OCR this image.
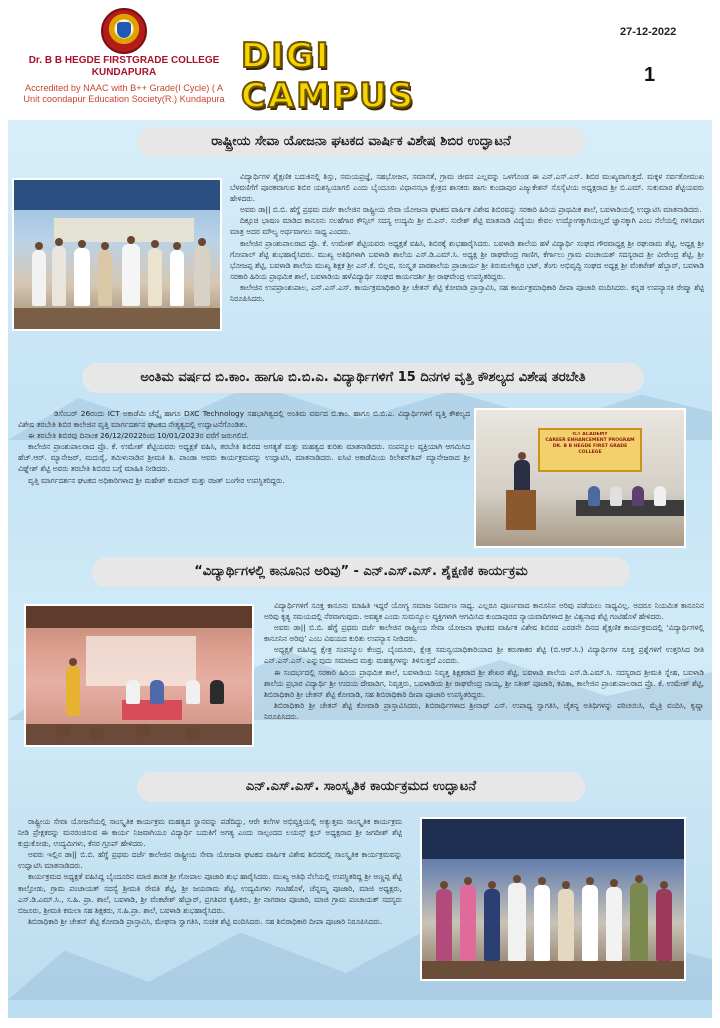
Dr. B B HEGDE FIRSTGRADE COLLEGE KUNDAPURA
Accredited by NAAC with B++ Grade(I Cycle) ( A Unit coondapur Education Society(R.) Kundapura
DIGI CAMPUS
27-12-2022
1
ರಾಷ್ಟ್ರೀಯ ಸೇವಾ ಯೋಜನಾ ಘಟಕದ ವಾರ್ಷಿಕ ವಿಶೇಷ ಶಿಬಿರ ಉದ್ಘಾಟನೆ

ವಿದ್ಯಾರ್ಥಿಗಳ ಶೈಕ್ಷಣಿಕ ಬದುಕಿನಲ್ಲಿ ಶಿಸ್ತು, ಸಮಯಪ್ರಜ್ಞೆ, ಸಹಭೋಜನ, ಸಮಾನತೆ, ಗ್ರಾಮ ಜೀವನ ಎಲ್ಲವನ್ನು ಒಳಗೊಂಡ ಈ ಎನ್.ಎಸ್.ಎಸ್. ಶಿಬಿರ ಮುಖ್ಯವಾಗುತ್ತದೆ. ಮಕ್ಕಳ ಸರ್ವತೋಮುಖ ಬೆಳವಣಿಗೆಗೆ ಪೂರಕವಾಗುವ ಶಿಬಿರ ಯಶಸ್ವಿಯಾಗಲಿ ಎಂದು ಬೈಂದೂರು ವಿಧಾನಸಭಾ ಕ್ಷೇತ್ರದ ಶಾಸಕರು ಹಾಗು ಕುಂದಾಪುರ ಎಜ್ಯುಕೇಶನ್ ಸೊಸೈಟಿಯ ಅಧ್ಯಕ್ಷರಾದ ಶ್ರೀ ಬಿ.ಎಮ್. ಸುಕುಮಾರ ಶೆಟ್ಟಿಯವರು ಹೇಳಿದರು.

ಅವರು ಡಾ|| ಬಿ.ಬಿ. ಹೆಗ್ಡೆ ಪ್ರಥಮ ದರ್ಜೆ ಕಾಲೇಜಿನ ರಾಷ್ಟ್ರೀಯ ಸೇವಾ ಯೋಜನಾ ಘಟಕದ ವಾರ್ಷಿಕ ವಿಶೇಷ ಶಿಬಿರವನ್ನು ಸರಕಾರಿ ಹಿರಿಯ ಪ್ರಾಥಮಿಕ ಶಾಲೆ, ಬವಳಾಡಿಯಲ್ಲಿ ಉದ್ಘಾಟಿಸಿ ಮಾತನಾಡಿದರು.

ದಿಕ್ಸೂಚಿ ಭಾಷಣ ಮಾಡಿದ ಕಾನೂನು ಸಲಹೆಗಾರ ಕೌನ್ಸಿಲ್ ಸದಸ್ಯ ಉದ್ಯಮಿ ಶ್ರೀ ಬಿ.ಎನ್. ಸುರೇಶ್ ಶೆಟ್ಟಿ ಮಾತನಾಡಿ ವಿದ್ಯೆಯು ಕೇವಲ ಉದ್ಯೋಗಕ್ಕಾಗಿಯಲ್ಲದೆ ಜ್ಞಾನಕ್ಕಾಗಿ ಎಂಬ ನೆಲೆಯಲ್ಲಿ ಗಳಿಸಿದಾಗ ಮಾತ್ರ ಅದರ ಮೌಲ್ಯ ಅರ್ಥವಾಗಲು ಸಾಧ್ಯ ಎಂದರು.

ಕಾಲೇಜಿನ ಪ್ರಾಂಶುಪಾಲರಾದ ಪ್ರೊ. ಕೆ. ಉಮೇಶ್ ಶೆಟ್ಟಿಯವರು ಅಧ್ಯಕ್ಷತೆ ವಹಿಸಿ, ಶಿಬಿರಕ್ಕೆ ಶುಭಹಾರೈಸಿದರು. ಬವಳಾಡಿ ಶಾಲೆಯ ಹಳೆ ವಿದ್ಯಾರ್ಥಿ ಸಂಘದ ಗೌರವಾಧ್ಯಕ್ಷ ಶ್ರೀ ರಘುರಾಮ ಶೆಟ್ಟಿ, ಅಧ್ಯಕ್ಷ ಶ್ರೀ ಗೋಪಾಲ್ ಶೆಟ್ಟಿ ಶುಭಹಾರೈಸಿದರು. ಮುಖ್ಯ ಅತಿಥಿಗಳಾಗಿ ಬವಳಾಡಿ ಶಾಲೆಯ ಎಸ್.ಡಿ.ಎಮ್.ಸಿ. ಅಧ್ಯಕ್ಷ ಶ್ರೀ ರಾಘವೇಂದ್ರ ಗಾಣಿಗ, ಕೆರ್ಗಾಲು ಗ್ರಾಮ ಪಂಚಾಯತ್ ಸದಸ್ಯರಾದ ಶ್ರೀ ವೀರೇಂದ್ರ ಶೆಟ್ಟಿ, ಶ್ರೀ ಭೋಜಪ್ಪ ಶೆಟ್ಟಿ, ಬವಳಾಡಿ ಶಾಲೆಯ ಮುಖ್ಯ ಶಿಕ್ಷಕ ಶ್ರೀ ಎನ್.ಕೆ. ಬಿಲ್ಲವ, ಸಂಸ್ಕೃತ ಪಾಠಶಾಲೆಯ ಪ್ರಾಚಾರ್ಯ ಶ್ರೀ ತಿರುಮಲೇಶ್ವರ ಭಟ್, ತೆಂಗು ಅಭಿವೃದ್ಧಿ ಸಂಘದ ಅಧ್ಯಕ್ಷ ಶ್ರೀ ವೆಂಕಟೇಶ್ ಹೆಬ್ಬಾರ್, ಬವಳಾಡಿ ಸರಕಾರಿ ಹಿರಿಯ ಪ್ರಾಥಮಿಕ ಶಾಲೆ, ಬವಳಾಡಿಯ ಹಳೆವಿದ್ಯಾರ್ಥಿ ಸಂಘದ ಕಾರ್ಯದರ್ಶಿ ಶ್ರೀ ರಾಘವೇಂದ್ರ ಉಪಸ್ಥಿತರಿದ್ದರು.

ಕಾಲೇಜಿನ ಉಪಪ್ರಾಂಶುಪಾಲ, ಎನ್.ಎಸ್.ಎಸ್. ಕಾರ್ಯಕ್ರಮಾಧಿಕಾರಿ ಶ್ರೀ ಚೇತನ್ ಶೆಟ್ಟಿ ಕೋವಾಡಿ ಪ್ರಾಸ್ತಾವಿಸಿ, ಸಹ ಕಾರ್ಯಕ್ರಮಾಧಿಕಾರಿ ದೀಪಾ ಪೂಜಾರಿ ವಂದಿಸಿದರು. ಕನ್ನಡ ಉಪನ್ಯಾಸಕಿ ರೇಷ್ಮಾ ಶೆಟ್ಟಿ ನಿರೂಪಿಸಿದರು.

ಅಂತಿಮ ವರ್ಷದ ಬಿ.ಕಾಂ. ಹಾಗೂ ಬಿ.ಬಿ.ಎ. ವಿದ್ಯಾರ್ಥಿಗಳಿಗೆ 15 ದಿನಗಳ ವೃತ್ತಿ ಕೌಶಲ್ಯದ ವಿಶೇಷ ತರಬೇತಿ

ಡಿಸೆಂಬರ್ 26ರಂದು ICT ಅಕಾಡೆಮಿ ಚೆನ್ನೈ ಹಾಗೂ DXC Technology ಸಹಭಾಗಿತ್ವದಲ್ಲಿ ಅಂತಿಮ ವರ್ಷದ ಬಿ.ಕಾಂ. ಹಾಗೂ ಬಿ.ಬಿ.ಎ. ವಿದ್ಯಾರ್ಥಿಗಳಿಗೆ ವೃತ್ತಿ ಕೌಶಲ್ಯದ ವಿಶೇಷ ತರಬೇತಿ ಶಿಬಿರ ಕಾಲೇಜಿನ ವೃತ್ತಿ ಮಾರ್ಗದರ್ಶನ ಘಟಕದ ನೇತೃತ್ವದಲ್ಲಿ ಉದ್ಘಾಟನೆಗೊಂಡಿತು.

ಈ ತರಬೇತಿ ಶಿಬಿರವು ದಿನಾಂಕ 26/12/2022ರಿಂದ 10/01/2023ರ ವರೆಗೆ ಜರುಗಲಿದೆ.

ಕಾಲೇಜಿನ ಪ್ರಾಂಶುಪಾಲರಾದ ಪ್ರೊ. ಕೆ. ಉಮೇಶ್ ಶೆಟ್ಟಿಯವರು ಅಧ್ಯಕ್ಷತೆ ವಹಿಸಿ, ತರಬೇತಿ ಶಿಬಿರದ ಅಗತ್ಯತೆ ಮತ್ತು ಮಹತ್ವದ ಕುರಿತು ಮಾತನಾಡಿದರು. ಸಂಪನ್ಮೂಲ ವ್ಯಕ್ತಿಯಾಗಿ ಆಗಮಿಸಿದ ಹೆಚ್.ಆರ್. ಮ್ಯಾನೇಜರ್, ಮದುರೈ, ತಮಿಳುನಾಡಿನ ಶ್ರೀಮತಿ ಶಿ. ಪಾಂಡಾ ಆವರು ಕಾರ್ಯಕ್ರಮವನ್ನು ಉದ್ಘಾಟಿಸಿ, ಮಾತನಾಡಿದರು. ಐಸಿಟಿ ಅಕಾಡೆಮಿಯ ರಿಲೇಶನ್‌ಶಿಪ್ ಮ್ಯಾನೇಜರಾದ ಶ್ರೀ ವಿಘ್ನೇಶ್ ಶೆಟ್ಟಿ ಅವರು ತರಬೇತಿ ಶಿಬಿರದ ಬಗ್ಗೆ ಮಾಹಿತಿ ನೀಡಿದರು.

ವೃತ್ತಿ ಮಾರ್ಗದರ್ಶನ ಘಟಕದ ಅಧಿಕಾರಿಗಳಾದ ಶ್ರೀ ಮಹೇಶ್ ಕುಮಾರ್ ಮತ್ತು ರಜತ್ ಬಂಗೇರ ಉಪಸ್ಥಿತರಿದ್ದರು.

ICT ACADEMY
CAREER ENHANCEMENT PROGRAM
DR. B B HEGDE FIRST GRADE COLLEGE
“ವಿದ್ಯಾರ್ಥಿಗಳಲ್ಲಿ ಕಾನೂನಿನ ಅರಿವು” - ಎನ್.ಎಸ್.ಎಸ್. ಶೈಕ್ಷಣಿಕ ಕಾರ್ಯಕ್ರಮ

ವಿದ್ಯಾರ್ಥಿಗಳಿಗೆ ಸೂಕ್ತ ಕಾನೂನು ಮಾಹಿತಿ ಇದ್ದರೆ ಯೋಗ್ಯ ಸಮಾಜ ನಿರ್ಮಾಣ ಸಾಧ್ಯ. ಎಲ್ಲರೂ ಪೂರ್ಣವಾದ ಕಾನೂನಿನ ಅರಿವು ಪಡೆಯಲು ಸಾಧ್ಯವಿಲ್ಲ. ಅದರೂ ನಿಯಮಿತ ಕಾನೂನಿನ ಅರಿವು ಕೃತ್ಯ ಸಮಯದಲ್ಲಿ ನೆರವಾಗುವುದು. ಅವಶ್ಯಕ ಎಂದು ಸುಮನ್ಯೂಲ ವ್ಯಕ್ತಿಗಳಾಗಿ ಆಗಮಿಸಿದ ಕುಂದಾಪುರದ ನ್ಯಾಯವಾದಿಗಳಾದ ಶ್ರೀ ವಿಶ್ವನಾಥ ಶೆಟ್ಟಿ ಗಂಟಿಹೊಳೆ ಹೇಳಿದರು.

ಅವರು ಡಾ|| ಬಿ.ಬಿ. ಹೆಗ್ಡೆ ಪ್ರಥಮ ದರ್ಜೆ ಕಾಲೇಜಿನ ರಾಷ್ಟ್ರೀಯ ಸೇವಾ ಯೋಜನಾ ಘಟಕದ ವಾರ್ಷಿಕ ವಿಶೇಷ ಶಿಬಿರದ ಎರಡನೇ ದಿನದ ಶೈಕ್ಷಣಿಕ ಕಾರ್ಯಕ್ರಮದಲ್ಲಿ ‘ವಿದ್ಯಾರ್ಥಿಗಳಲ್ಲಿ ಕಾನೂನಿನ ಅರಿವು’ ಎಂಬ ವಿಷಯದ ಕುರಿತು ಉಪನ್ಯಾಸ ನೀಡಿದರು.

ಅಧ್ಯಕ್ಷತೆ ವಹಿಸಿದ್ದ ಕ್ಷೇತ್ರ ಸಂಪನ್ಮೂಲ ಕೇಂದ್ರ, ಬೈಂದೂರು, ಕ್ಷೇತ್ರ ಸಮನ್ವಯಾಧಿಕಾರಿಯಾದ ಶ್ರೀ ಕರುಣಾಕರ ಶೆಟ್ಟಿ (ಬಿ.ಆರ್.ಸಿ.) ವಿದ್ಯಾರ್ಥಿಗಳ ಸೂಕ್ತ ಪ್ರಶ್ನೆಗಳಿಗೆ ಉತ್ತರಿಸಿದ ರೀತಿ ಎನ್.ಎಸ್.ಎಸ್. ಎನ್ನುವುದು ಸಮಾಜದ ಮತ್ತು ಮಹತ್ವಗಳನ್ನು ತಿಳಿಸುತ್ತದೆ ಎಂದರು.

ಈ ಸಂದರ್ಭದಲ್ಲಿ ಸರಕಾರಿ ಹಿರಿಯ ಪ್ರಾಥಮಿಕ ಶಾಲೆ, ಬವಳಾಡಿಯ ನಿವೃತ್ತ ಶಿಕ್ಷಕರಾದ ಶ್ರೀ ಶೇಖರ ಶೆಟ್ಟಿ, ಬವಳಾಡಿ ಶಾಲೆಯ ಎಸ್.ಡಿ.ಎಮ್.ಸಿ. ಸದಸ್ಯರಾದ ಶ್ರೀಮತಿ ಸ್ನೇಹ, ಬವಳಾಡಿ ಶಾಲೆಯ ಪ್ರಭಾರ ವಿದ್ಯಾರ್ಥಿ ಶ್ರೀ ಉದಯ ದೇವಾಡಿಗ, ನಿವೃತ್ತರು, ಬವಳಾಡಿಯ ಶ್ರೀ ರಾಘವೇಂದ್ರ ನಾಯ್ಕ, ಶ್ರೀ ಸತೀಶ್ ಪೂಜಾರಿ, ಕವಿತಾ, ಕಾಲೇಜಿನ ಪ್ರಾಂಶುಪಾಲರಾದ ಪ್ರೊ. ಕೆ. ಉಮೇಶ್ ಶೆಟ್ಟಿ, ಶಿಬಿರಾಧಿಕಾರಿ ಶ್ರೀ ಚೇತನ್ ಶೆಟ್ಟಿ ಕೋವಾಡಿ, ಸಹ ಶಿಬಿರಾಧಿಕಾರಿ ದೀಪಾ ಪೂಜಾರಿ ಉಪಸ್ಥಿತರಿದ್ದರು.

ಶಿಬಿರಾಧಿಕಾರಿ ಶ್ರೀ ಚೇತನ್ ಶೆಟ್ಟಿ ಕೋವಾಡಿ ಪ್ರಾಸ್ತಾವಿಸಿದರು, ಶಿಬಿರಾರ್ಥಿಗಳಾದ ಶ್ರೀನಾಥ್ ಎಸ್. ಉಪಾಧ್ಯ ಸ್ವಾಗತಿಸಿ, ಚೈತನ್ಯ ಅತಿಥಿಗಳನ್ನು ಪರಿಚಯಿಸಿ, ಮೈತ್ರಿ ವಂದಿಸಿ, ಕೃಷ್ಣಾ ನಿರೂಪಿಸಿದರು.

ಎನ್.ಎಸ್.ಎಸ್. ಸಾಂಸ್ಕೃತಿಕ ಕಾರ್ಯಕ್ರಮದ ಉದ್ಘಾಟನೆ

ರಾಷ್ಟ್ರೀಯ ಸೇವಾ ಯೋಜನೆಯಲ್ಲಿ ಸಾಂಸ್ಕೃತಿಕ ಕಾರ್ಯಕ್ರಮ ಮಹತ್ವದ ಸ್ಥಾನವನ್ನು ಪಡೆದಿದ್ದು, ಆರೇ ಕಲೆಗಳ ಅಭಿವ್ಯಕ್ತಿಯಲ್ಲಿ ಅತ್ಯುತ್ತಮ ಸಾಂಸ್ಕೃತಿಕ ಕಾರ್ಯಕ್ರಮ ನೀಡಿ ಪ್ರೇಕ್ಷಕರನ್ನು ಮನರಂಜಿಸುವ ಈ ಕಾರ್ಯ ನಿಜವಾಗಿಯೂ ವಿದ್ಯಾರ್ಥಿ ಬದುಕಿಗೆ ಅಗತ್ಯ ಎಂದು ಸಾಲ್ಪಂದದ ಲಯನ್ಸ್ ಕ್ಲಬ್ ಅಧ್ಯಕ್ಷರಾದ ಶ್ರೀ ಜಗದೀಶ್ ಶೆಟ್ಟಿ ಕುದ್ರುಕೋಡು, ಉದ್ಯಮಿಗಳು, ಕೆನರ ಗ್ರೂಪ್ ಹೇಳಿದರು.

ಅವರು ಇಲ್ಲಿನ ಡಾ|| ಬಿ.ಬಿ. ಹೆಗ್ಡೆ ಪ್ರಥಮ ದರ್ಜೆ ಕಾಲೇಜಿನ ರಾಷ್ಟ್ರೀಯ ಸೇವಾ ಯೋಜನಾ ಘಟಕದ ವಾರ್ಷಿಕ ವಿಶೇಷ ಶಿಬಿರದಲ್ಲಿ ಸಾಂಸ್ಕೃತಿಕ ಕಾರ್ಯಕ್ರಮವನ್ನು ಉದ್ಘಾಟಿಸಿ ಮಾತನಾಡಿದರು.

ಕಾರ್ಯಕ್ರಮದ ಅಧ್ಯಕ್ಷತೆ ವಹಿಸಿದ್ದ ಬೈಂದೂರಿನ ಮಾಜಿ ಶಾಸಕ ಶ್ರೀ ಗೋಪಾಲ ಪೂಜಾರಿ ಶುಭ ಹಾರೈಸಿದರು. ಮುಖ್ಯ ಅತಿಥಿ ನೆಲೆಯಲ್ಲಿ ಉಪಸ್ಥಿತರಿದ್ದ ಶ್ರೀ ಅಣ್ಣಪ್ಪ ಶೆಟ್ಟಿ ಕಾಲ್ತೋಡು, ಗ್ರಾಮ ಪಂಚಾಯತ್ ಸದಸ್ಯೆ ಶ್ರೀಮತಿ ರೇವತಿ ಶೆಟ್ಟಿ, ಶ್ರೀ ಜಯರಾಮ ಶೆಟ್ಟಿ, ಉದ್ಯಮಿಗಳು ಗಂಟಿಹೊಳೆ, ಚೆನ್ನಮ್ಮ ಪೂಜಾರಿ, ಮಾಜಿ ಅಧ್ಯಕ್ಷರು, ಎಸ್.ಡಿ.ಎಮ್.ಸಿ., ಸ.ಹಿ. ಪ್ರಾ. ಶಾಲೆ, ಬವಳಾಡಿ, ಶ್ರೀ ವೆಂಕಟೇಶ್ ಹೆಬ್ಬಾರ್, ಪ್ರಗತಿಪರ ಕೃಷಿಕರು, ಶ್ರೀ ನಾಗರಾಜ ಪೂಜಾರಿ, ಮಾಜಿ ಗ್ರಾಮ ಪಂಚಾಯತ್ ಸದಸ್ಯರು ಬಿಜೂರು, ಶ್ರೀಮತಿ ಕಮಲಾ ಸಹ ಶಿಕ್ಷಕರು, ಸ.ಹಿ.ಪ್ರಾ. ಶಾಲೆ, ಬವಳಾಡಿ ಶುಭಹಾರೈಸಿದರು.

ಶಿಬಿರಾಧಿಕಾರಿ ಶ್ರೀ ಚೇತನ್ ಶೆಟ್ಟಿ ಕೋವಾಡಿ ಪ್ರಾಸ್ತಾವಿಸಿ, ಮೇಘನಾ ಸ್ವಾಗತಿಸಿ, ಸುಚಿತ ಶೆಟ್ಟಿ ವಂದಿಸಿದರು. ಸಹ ಶಿಬಿರಾಧಿಕಾರಿ ದೀಪಾ ಪೂಜಾರಿ ನಿರೂಪಿಸಿದರು.
